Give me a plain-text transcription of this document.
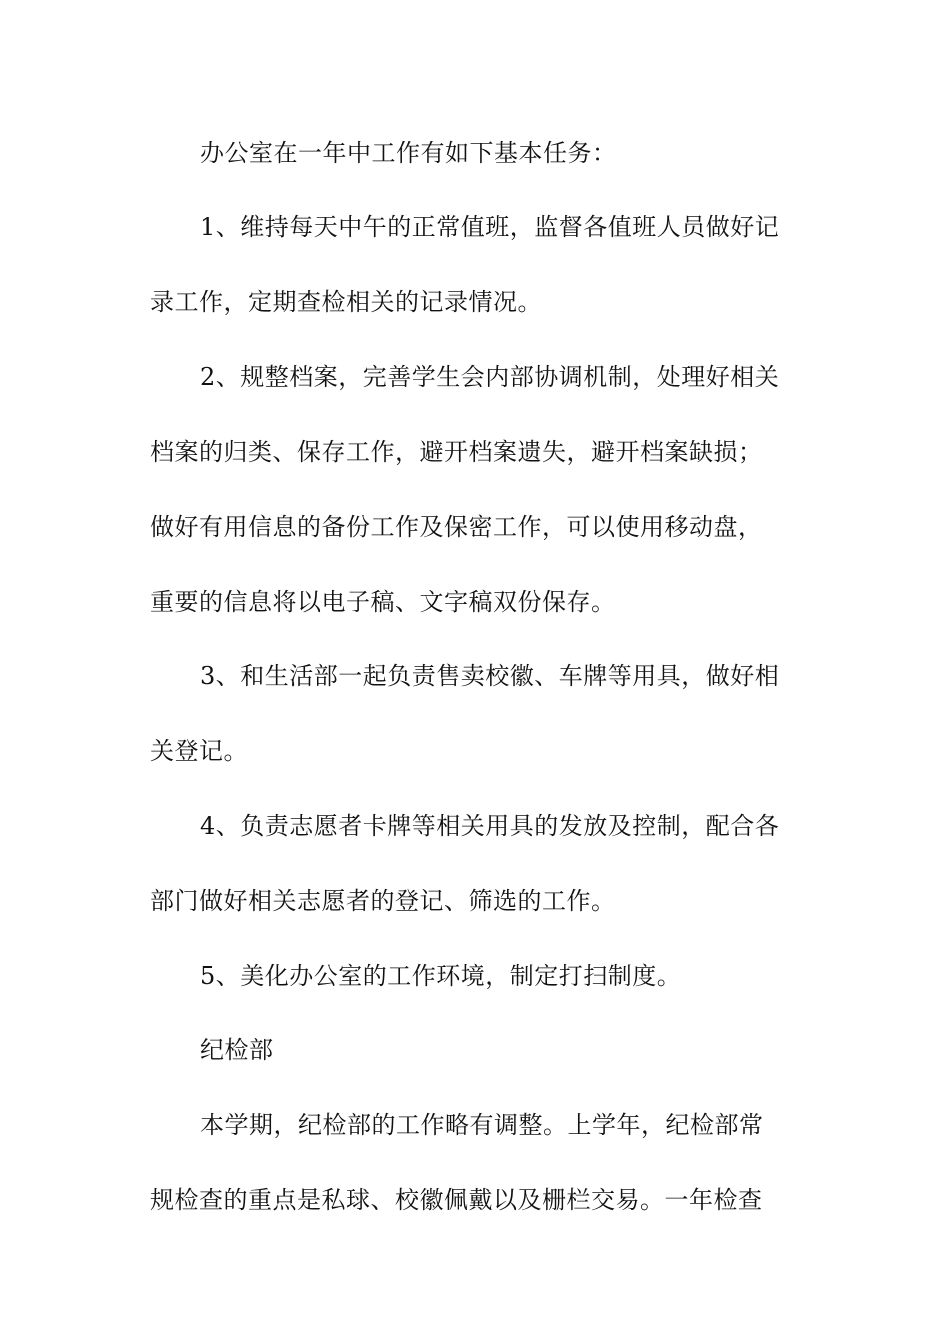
办公室在一年中工作有如下基本任务：
1、维持每天中午的正常值班，监督各值班人员做好记
录工作，定期查检相关的记录情况。
2、规整档案，完善学生会内部协调机制，处理好相关
档案的归类、保存工作，避开档案遗失，避开档案缺损；
做好有用信息的备份工作及保密工作，可以使用移动盘，
重要的信息将以电子稿、文字稿双份保存。
3、和生活部一起负责售卖校徽、车牌等用具，做好相
关登记。
4、负责志愿者卡牌等相关用具的发放及控制，配合各
部门做好相关志愿者的登记、筛选的工作。
5、美化办公室的工作环境，制定打扫制度。
纪检部
本学期，纪检部的工作略有调整。上学年，纪检部常
规检查的重点是私球、校徽佩戴以及栅栏交易。一年检查
